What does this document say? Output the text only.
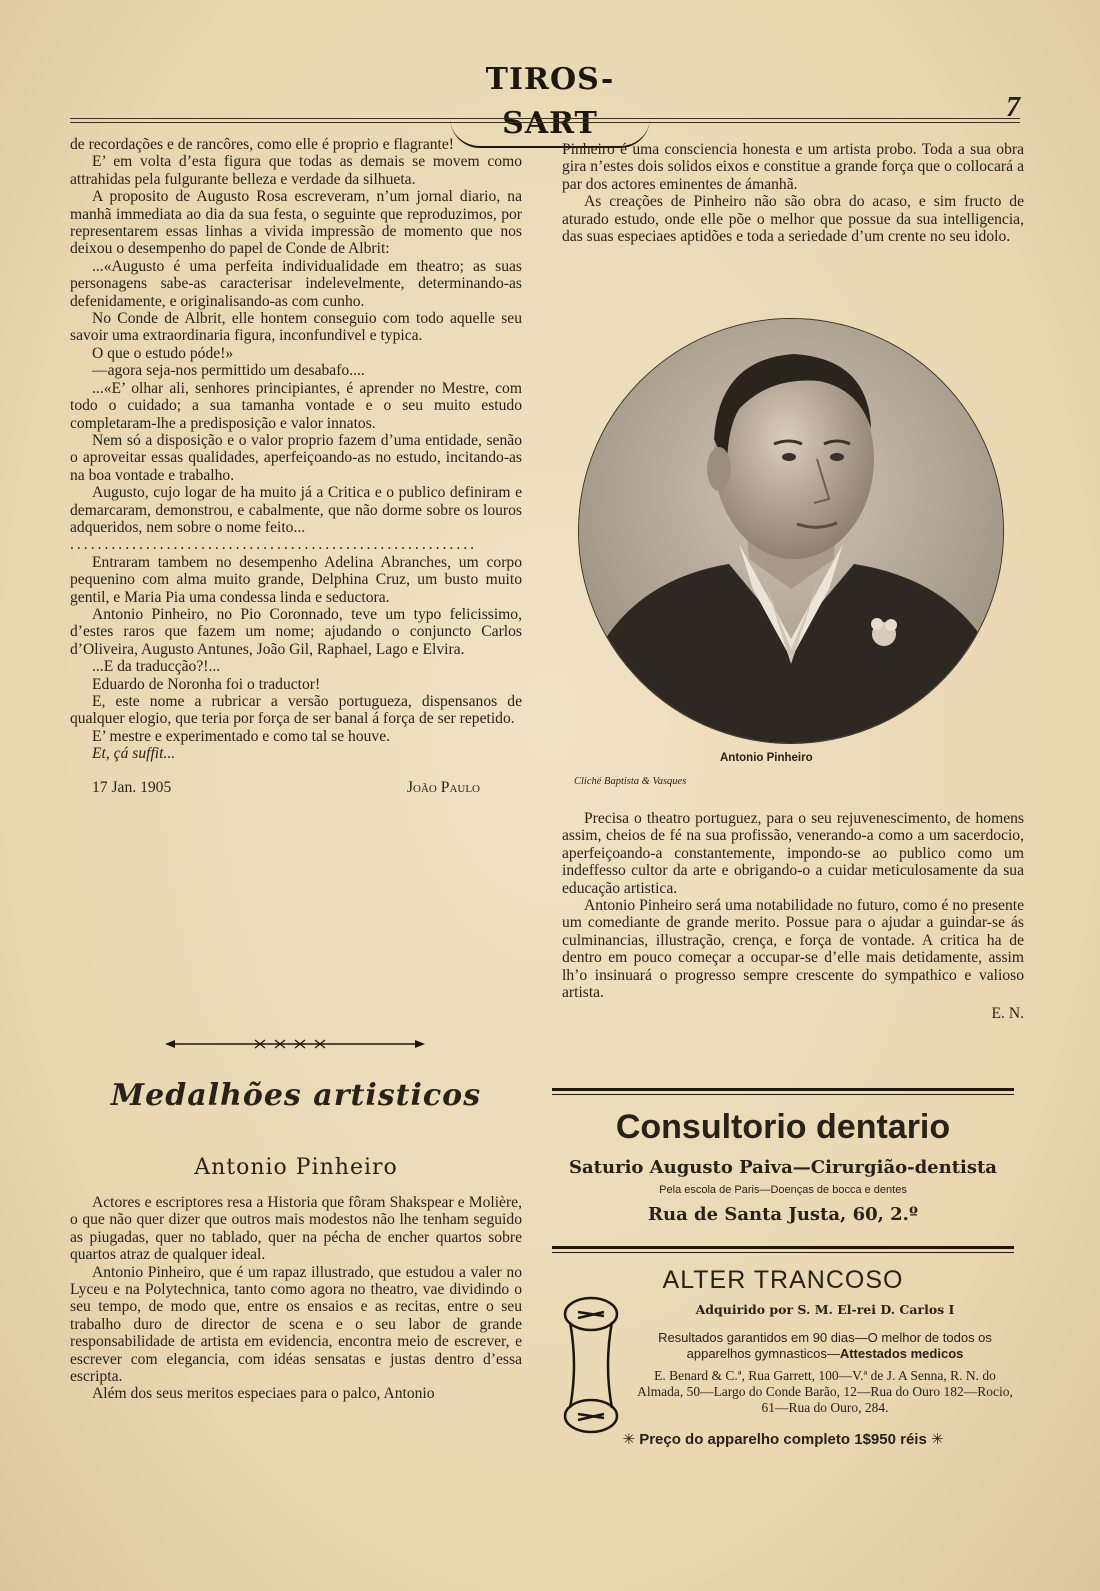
TIROS-SART	7

de recordações e de rancôres, como elle é proprio e flagrante!

E’ em volta d’esta figura que todas as demais se movem como attrahidas pela fulgurante belleza e verdade da silhueta.

A proposito de Augusto Rosa escreveram, n’um jornal diario, na manhã immediata ao dia da sua festa, o seguinte que reproduzimos, por representarem essas linhas a vivida impressão de momento que nos deixou o desempenho do papel de Conde de Albrit:

...«Augusto é uma perfeita individualidade em theatro; as suas personagens sabe-as caracterisar indelevelmente, determinando-as defenidamente, e originalisando-as com cunho.

No Conde de Albrit, elle hontem conseguio com todo aquelle seu savoir uma extraordinaria figura, inconfundivel e typica.

O que o estudo póde!»

—agora seja-nos permittido um desabafo....

...«E’ olhar ali, senhores principiantes, é aprender no Mestre, com todo o cuidado; a sua tamanha vontade e o seu muito estudo completaram-lhe a predisposição e valor innatos.

Nem só a disposição e o valor proprio fazem d’uma entidade, senão o aproveitar essas qualidades, aperfeiçoando-as no estudo, incitando-as na boa vontade e trabalho.

Augusto, cujo logar de ha muito já a Critica e o publico definiram e demarcaram, demonstrou, e cabalmente, que não dorme sobre os louros adqueridos, nem sobre o nome feito...

...........................................................

Entraram tambem no desempenho Adelina Abranches, um corpo pequenino com alma muito grande, Delphina Cruz, um busto muito gentil, e Maria Pia uma condessa linda e seductora.

Antonio Pinheiro, no Pio Coronnado, teve um typo felicissimo, d’estes raros que fazem um nome; ajudando o conjuncto Carlos d’Oliveira, Augusto Antunes, João Gil, Raphael, Lago e Elvira.

...E da traducção?!...

Eduardo de Noronha foi o traductor!

E, este nome a rubricar a versão portugueza, dispensanos de qualquer elogio, que teria por força de ser banal á força de ser repetido.

E’ mestre e experimentado e como tal se houve.

Et, çá suffit...

17 Jan. 1905	João Paulo
Medalhões artisticos
Antonio Pinheiro

Actores e escriptores resa a Historia que fôram Shakspear e Molière, o que não quer dizer que outros mais modestos não lhe tenham seguido as piugadas, quer no tablado, quer na pécha de encher quartos sobre quartos atraz de qualquer ideal.

Antonio Pinheiro, que é um rapaz illustrado, que estudou a valer no Lyceu e na Polytechnica, tanto como agora no theatro, vae dividindo o seu tempo, de modo que, entre os ensaios e as recitas, entre o seu trabalho duro de director de scena e o seu labor de grande responsabilidade de artista em evidencia, encontra meio de escrever, e escrever com elegancia, com idéas sensatas e justas dentro d’essa escripta.

Além dos seus meritos especiaes para o palco, Antonio

Pinheiro é uma consciencia honesta e um artista probo. Toda a sua obra gira n’estes dois solidos eixos e constitue a grande força que o collocará a par dos actores eminentes de ámanhã.

As creações de Pinheiro não são obra do acaso, e sim fructo de aturado estudo, onde elle põe o melhor que possue da sua intelligencia, das suas especiaes aptidões e toda a seriedade d’um crente no seu idolo.

Antonio Pinheiro
Cliché Baptista & Vasques

Precisa o theatro portuguez, para o seu rejuvenescimento, de homens assim, cheios de fé na sua profissão, venerando-a como a um sacerdocio, aperfeiçoando-a constantemente, impondo-se ao publico como um indeffesso cultor da arte e obrigando-o a cuidar meticulosamente da sua educação artistica.

Antonio Pinheiro será uma notabilidade no futuro, como é no presente um comediante de grande merito. Possue para o ajudar a guindar-se ás culminancias, illustração, crença, e força de vontade. A critica ha de dentro em pouco começar a occupar-se d’elle mais detidamente, assim lh’o insinuará o progresso sempre crescente do sympathico e valioso artista.

E. N.

Consultorio dentario
Saturio Augusto Paiva—Cirurgião-dentista
Pela escola de Paris—Doenças de bocca e dentes
Rua de Santa Justa, 60, 2.º
ALTER TRANCOSO
Adquirido por S. M. El-rei D. Carlos I
Resultados garantidos em 90 dias—O melhor de todos os apparelhos gymnasticos—Attestados medicos
E. Benard & C.ª, Rua Garrett, 100—V.ª de J. A Senna, R. N. do Almada, 50—Largo do Conde Barão, 12—Rua do Ouro 182—Rocio, 61—Rua do Ouro, 284.
✳ Preço do apparelho completo 1$950 réis ✳
